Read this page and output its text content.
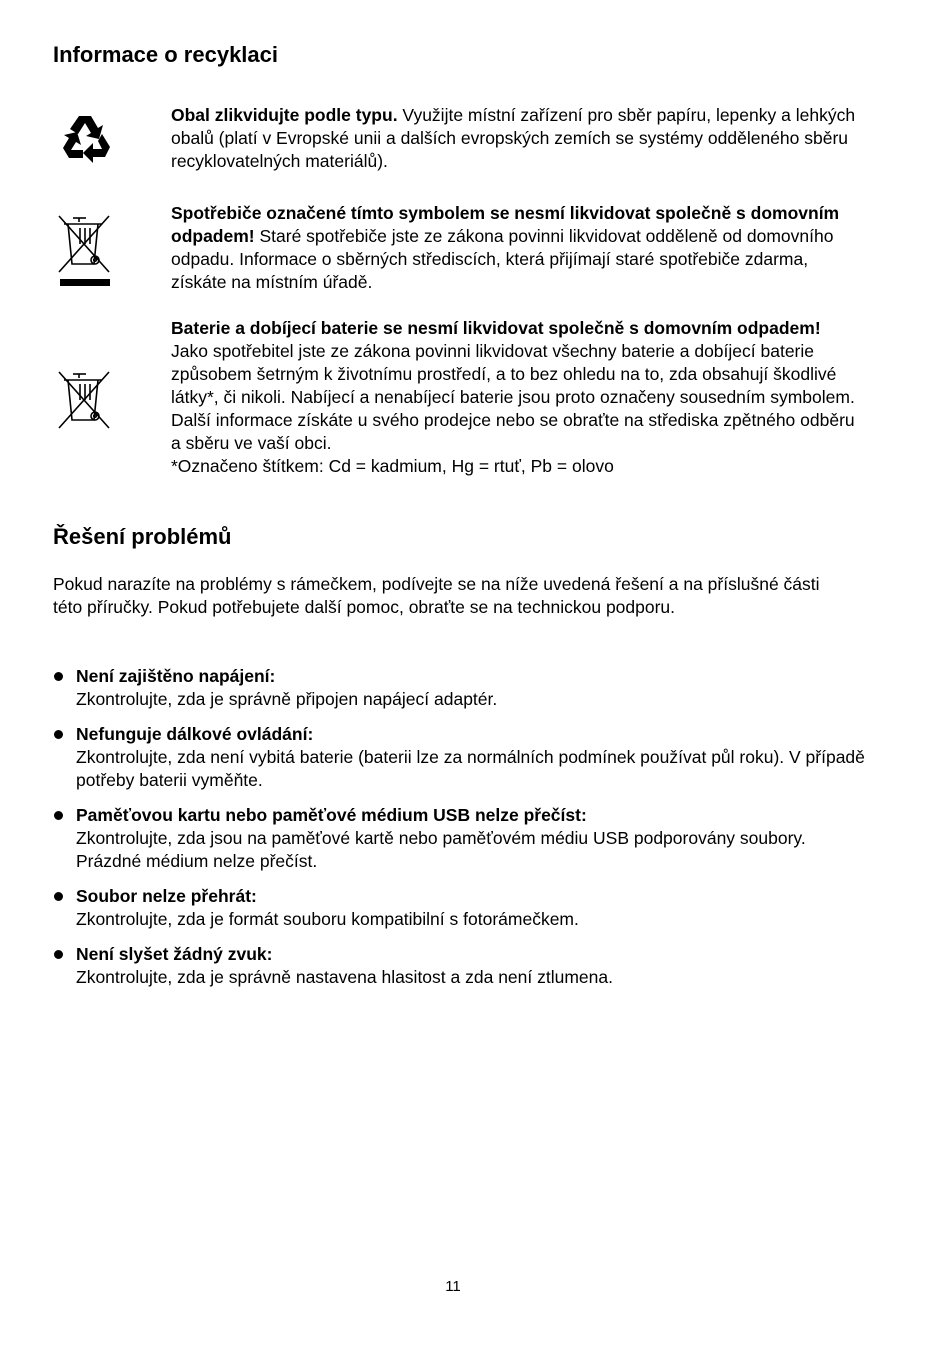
Informace o recyklaci

Obal zlikvidujte podle typu. Využijte místní zařízení pro sběr papíru, lepenky a lehkých obalů (platí v Evropské unii a dalších evropských zemích se systémy odděleného sběru recyklovatelných materiálů).

Spotřebiče označené tímto symbolem se nesmí likvidovat společně s domovním odpadem! Staré spotřebiče jste ze zákona povinni likvidovat odděleně od domovního odpadu. Informace o sběrných střediscích, která přijímají staré spotřebiče zdarma, získáte na místním úřadě.

Baterie a dobíjecí baterie se nesmí likvidovat společně s domovním odpadem! Jako spotřebitel jste ze zákona povinni likvidovat všechny baterie a dobíjecí baterie způsobem šetrným k životnímu prostředí, a to bez ohledu na to, zda obsahují škodlivé látky*, či nikoli. Nabíjecí a nenabíjecí baterie jsou proto označeny sousedním symbolem. Další informace získáte u svého prodejce nebo se obraťte na střediska zpětného odběru a sběru ve vaší obci.
*Označeno štítkem: Cd = kadmium, Hg = rtuť, Pb = olovo

Řešení problémů

Pokud narazíte na problémy s rámečkem, podívejte se na níže uvedená řešení a na příslušné části této příručky. Pokud potřebujete další pomoc, obraťte se na technickou podporu.

Není zajištěno napájení:
Zkontrolujte, zda je správně připojen napájecí adaptér.
Nefunguje dálkové ovládání:
Zkontrolujte, zda není vybitá baterie (baterii lze za normálních podmínek používat půl roku). V případě potřeby baterii vyměňte.
Paměťovou kartu nebo paměťové médium USB nelze přečíst:
Zkontrolujte, zda jsou na paměťové kartě nebo paměťovém médiu USB podporovány soubory. Prázdné médium nelze přečíst.
Soubor nelze přehrát:
Zkontrolujte, zda je formát souboru kompatibilní s fotorámečkem.
Není slyšet žádný zvuk:
Zkontrolujte, zda je správně nastavena hlasitost a zda není ztlumena.
11
